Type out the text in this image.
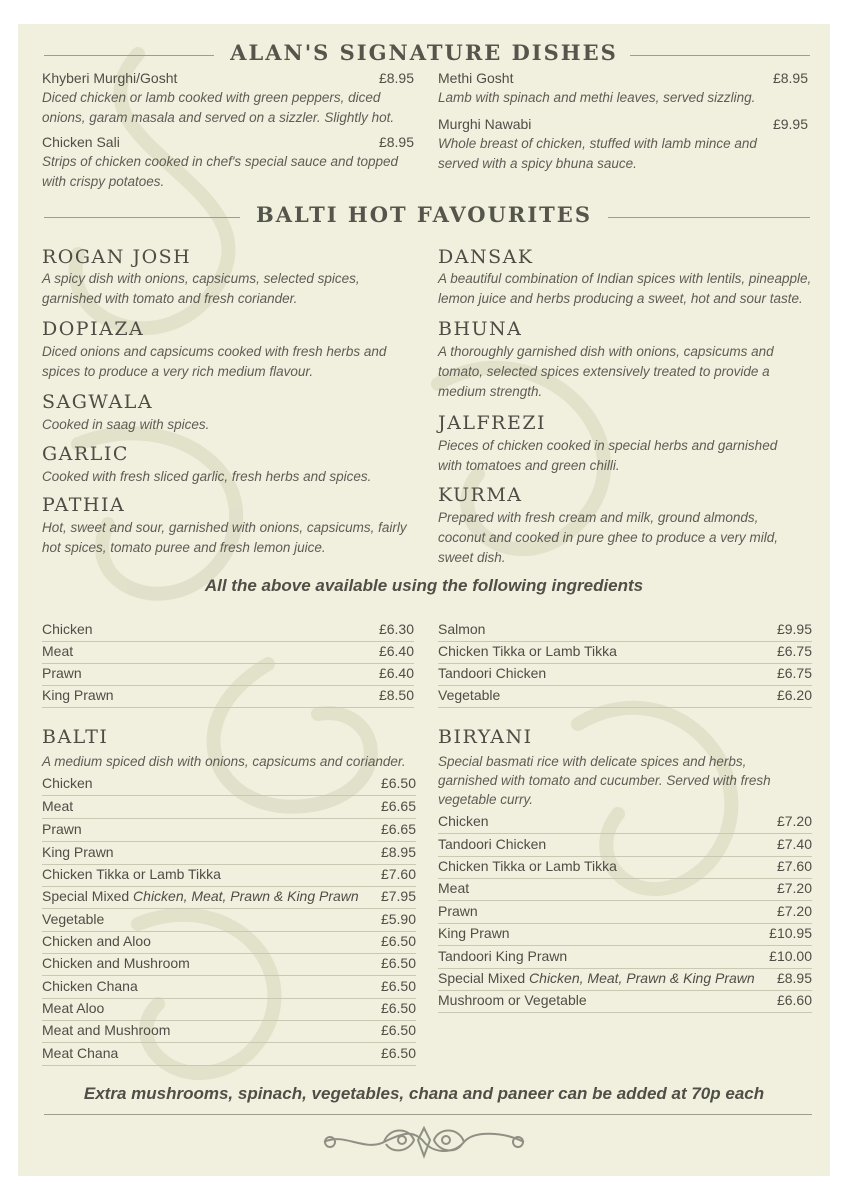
ALAN'S SIGNATURE DISHES
Khyberi Murghi/Gosht	£8.95
Diced chicken or lamb cooked with green peppers, diced onions, garam masala and served on a sizzler. Slightly hot.
Chicken Sali	£8.95
Strips of chicken cooked in chef's special sauce and topped with crispy potatoes.
Methi Gosht	£8.95
Lamb with spinach and methi leaves, served sizzling.
Murghi Nawabi	£9.95
Whole breast of chicken, stuffed with lamb mince and served with a spicy bhuna sauce.
BALTI HOT FAVOURITES
ROGAN JOSH
A spicy dish with onions, capsicums, selected spices, garnished with tomato and fresh coriander.
DOPIAZA
Diced onions and capsicums cooked with fresh herbs and spices to produce a very rich medium flavour.
SAGWALA
Cooked in saag with spices.
GARLIC
Cooked with fresh sliced garlic, fresh herbs and spices.
PATHIA
Hot, sweet and sour, garnished with onions, capsicums, fairly hot spices, tomato puree and fresh lemon juice.
DANSAK
A beautiful combination of Indian spices with lentils, pineapple, lemon juice and herbs producing a sweet, hot and sour taste.
BHUNA
A thoroughly garnished dish with onions, capsicums and tomato, selected spices extensively treated to provide a medium strength.
JALFREZI
Pieces of chicken cooked in special herbs and garnished with tomatoes and green chilli.
KURMA
Prepared with fresh cream and milk, ground almonds, coconut and cooked in pure ghee to produce a very mild, sweet dish.
All the above available using the following ingredients
Chicken	£6.30
Meat	£6.40
Prawn	£6.40
King Prawn	£8.50
Salmon	£9.95
Chicken Tikka or Lamb Tikka	£6.75
Tandoori Chicken	£6.75
Vegetable	£6.20
BALTI
A medium spiced dish with onions, capsicums and coriander.
Chicken	£6.50
Meat	£6.65
Prawn	£6.65
King Prawn	£8.95
Chicken Tikka or Lamb Tikka	£7.60
Special Mixed Chicken, Meat, Prawn & King Prawn £7.95
Vegetable	£5.90
Chicken and Aloo	£6.50
Chicken and Mushroom	£6.50
Chicken Chana	£6.50
Meat Aloo	£6.50
Meat and Mushroom	£6.50
Meat Chana	£6.50
BIRYANI
Special basmati rice with delicate spices and herbs, garnished with tomato and cucumber. Served with fresh vegetable curry.
Chicken	£7.20
Tandoori Chicken	£7.40
Chicken Tikka or Lamb Tikka	£7.60
Meat	£7.20
Prawn	£7.20
King Prawn	£10.95
Tandoori King Prawn	£10.00
Special Mixed Chicken, Meat, Prawn & King Prawn £8.95
Mushroom or Vegetable	£6.60
Extra mushrooms, spinach, vegetables, chana and paneer can be added at 70p each
